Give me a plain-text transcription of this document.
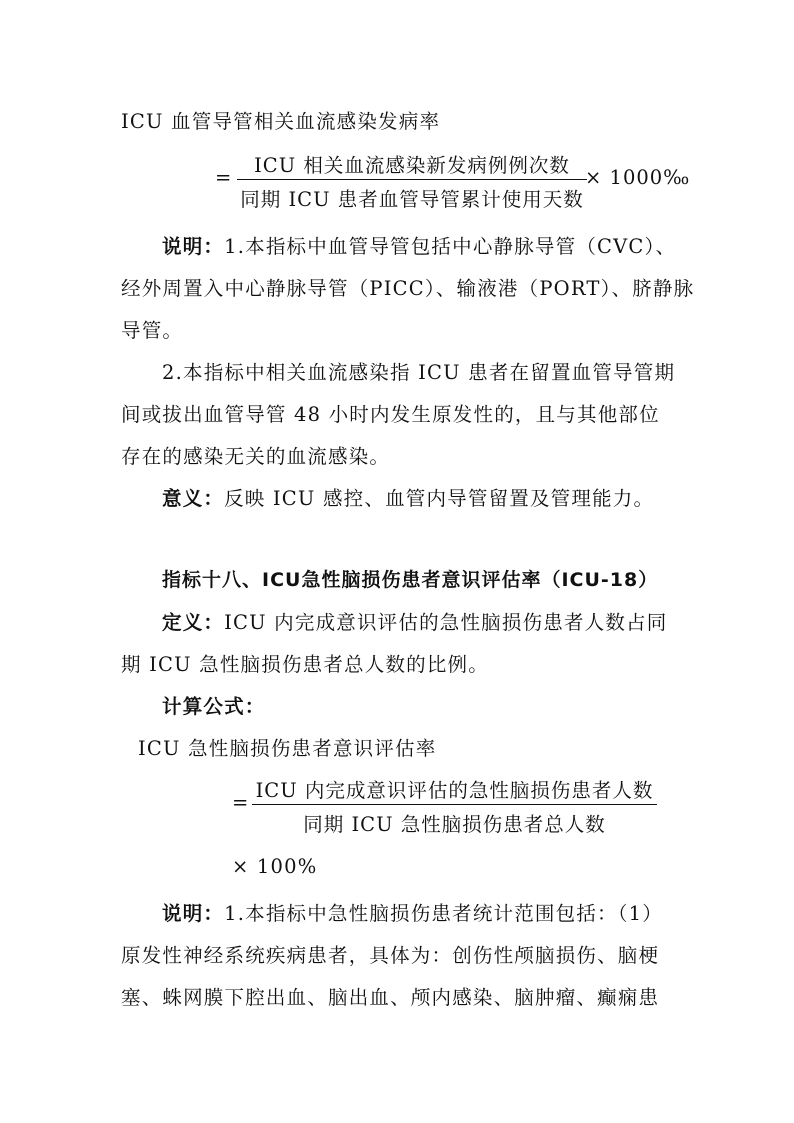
ICU 血管导管相关血流感染发病率
=
ICU 相关血流感染新发病例例次数
同期 ICU 患者血管导管累计使用天数
× 1000‰
说明：1.本指标中血管导管包括中心静脉导管（CVC）、
经外周置入中心静脉导管（PICC）、输液港（PORT）、脐静脉
导管。
2.本指标中相关血流感染指 ICU 患者在留置血管导管期
间或拔出血管导管 48 小时内发生原发性的，且与其他部位
存在的感染无关的血流感染。
意义：反映 ICU 感控、血管内导管留置及管理能力。
指标十八、ICU急性脑损伤患者意识评估率（ICU-18）
定义：ICU 内完成意识评估的急性脑损伤患者人数占同
期 ICU 急性脑损伤患者总人数的比例。
计算公式：
ICU 急性脑损伤患者意识评估率
=
ICU 内完成意识评估的急性脑损伤患者人数
同期 ICU 急性脑损伤患者总人数
× 100%
说明：1.本指标中急性脑损伤患者统计范围包括：（1）
原发性神经系统疾病患者，具体为：创伤性颅脑损伤、脑梗
塞、蛛网膜下腔出血、脑出血、颅内感染、脑肿瘤、癫痫患
